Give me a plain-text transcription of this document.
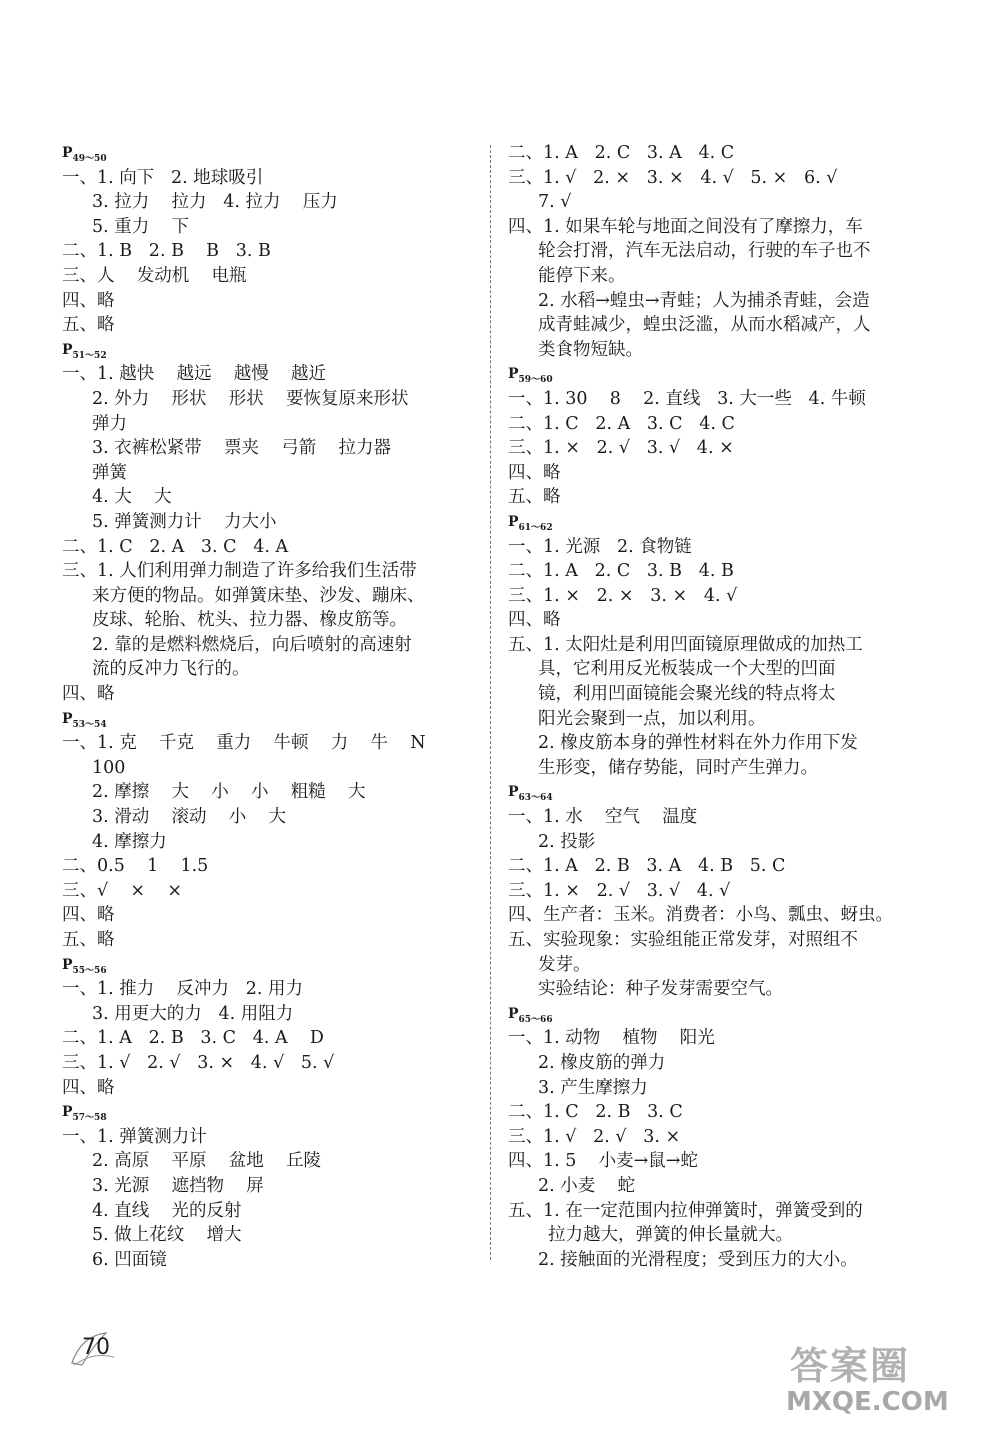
$P_{49\sim 50}$
一、1. 向下   2. 地球吸引
3. 拉力    拉力   4. 拉力    压力
5. 重力    下
二、1. B   2. B    B   3. B
三、人    发动机    电瓶
四、略
五、略
$P_{51\sim 52}$
一、1. 越快    越远    越慢    越近
2. 外力    形状    形状    要恢复原来形状
弹力
3. 衣裤松紧带    票夹    弓箭    拉力器
弹簧
4. 大    大
5. 弹簧测力计    力大小
二、1. C   2. A   3. C   4. A
三、1. 人们利用弹力制造了许多给我们生活带
来方便的物品。如弹簧床垫、沙发、蹦床、
皮球、轮胎、枕头、拉力器、橡皮筋等。
2. 靠的是燃料燃烧后，向后喷射的高速射
流的反冲力飞行的。
四、略
$P_{53\sim 54}$
一、1. 克    千克    重力    牛顿    力    牛    N
100
2. 摩擦    大    小    小    粗糙    大
3. 滑动    滚动    小    大
4. 摩擦力
二、0.5    1    1.5
三、√    ×    ×
四、略
五、略
$P_{55\sim 56}$
一、1. 推力    反冲力   2. 用力
3. 用更大的力   4. 用阻力
二、1. A   2. B   3. C   4. A    D
三、1. √   2. √   3. ×   4. √   5. √
四、略
$P_{57\sim 58}$
一、1. 弹簧测力计
2. 高原    平原    盆地    丘陵
3. 光源    遮挡物    屏
4. 直线    光的反射
5. 做上花纹    增大
6. 凹面镜
二、1. A   2. C   3. A   4. C
三、1. √   2. ×   3. ×   4. √   5. ×   6. √
7. √
四、1. 如果车轮与地面之间没有了摩擦力，车
轮会打滑，汽车无法启动，行驶的车子也不
能停下来。
2. 水稻→蝗虫→青蛙；人为捕杀青蛙，会造
成青蛙减少，蝗虫泛滥，从而水稻减产，人
类食物短缺。
$P_{59\sim 60}$
一、1. 30    8    2. 直线   3. 大一些   4. 牛顿
二、1. C   2. A   3. C   4. C
三、1. ×   2. √   3. √   4. ×
四、略
五、略
$P_{61\sim 62}$
一、1. 光源   2. 食物链
二、1. A   2. C   3. B   4. B
三、1. ×   2. ×   3. ×   4. √
四、略
五、1. 太阳灶是利用凹面镜原理做成的加热工
具，它利用反光板装成一个大型的凹面
镜，利用凹面镜能会聚光线的特点将太
阳光会聚到一点，加以利用。
2. 橡皮筋本身的弹性材料在外力作用下发
生形变，储存势能，同时产生弹力。
$P_{63\sim 64}$
一、1. 水    空气    温度
2. 投影
二、1. A   2. B   3. A   4. B   5. C
三、1. ×   2. √   3. √   4. √
四、生产者：玉米。消费者：小鸟、瓢虫、蚜虫。
五、实验现象：实验组能正常发芽，对照组不
发芽。
实验结论：种子发芽需要空气。
$P_{65\sim 66}$
一、1. 动物    植物    阳光
2. 橡皮筋的弹力
3. 产生摩擦力
二、1. C   2. B   3. C
三、1. √   2. √   3. ×
四、1. 5    小麦→鼠→蛇
2. 小麦    蛇
五、1. 在一定范围内拉伸弹簧时，弹簧受到的
拉力越大，弹簧的伸长量就大。
2. 接触面的光滑程度；受到压力的大小。
70	答案圈
MXQE.COM
